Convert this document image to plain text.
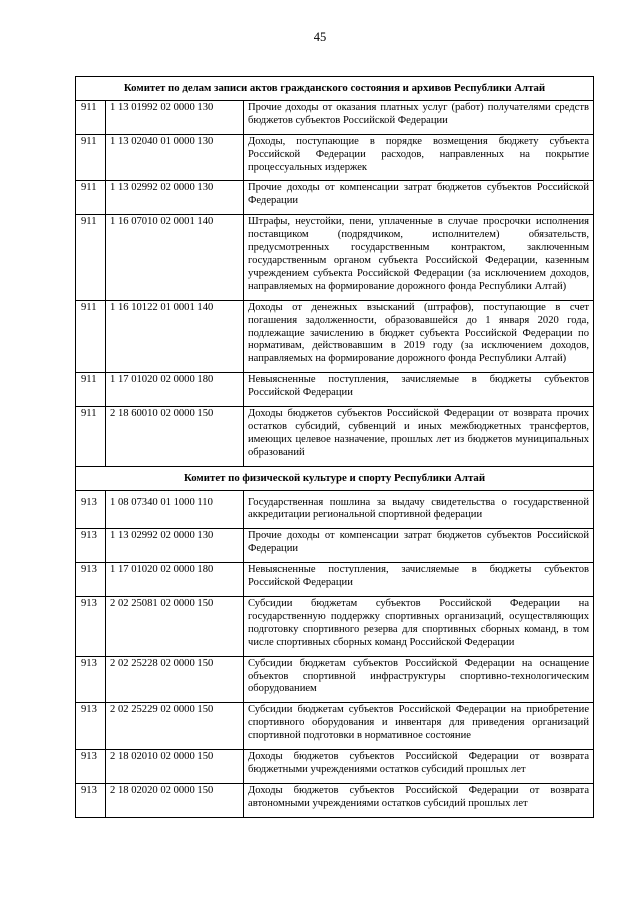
45
Комитет по делам записи актов гражданского состояния и архивов Республики Алтай		
911	1 13 01992 02 0000 130	Прочие доходы от оказания платных услуг (работ) получателями средств бюджетов субъектов Российской Федерации
911	1 13 02040 01 0000 130	Доходы, поступающие в порядке возмещения бюджету субъекта Российской Федерации расходов, направленных на покрытие процессуальных издержек
911	1 13 02992 02 0000 130	Прочие доходы от компенсации затрат бюджетов субъектов Российской Федерации
911	1 16 07010 02 0001 140	Штрафы, неустойки, пени, уплаченные в случае просрочки исполнения поставщиком (подрядчиком, исполнителем) обязательств, предусмотренных государственным контрактом, заключенным государственным органом субъекта Российской Федерации, казенным учреждением субъекта Российской Федерации (за исключением доходов, направляемых на формирование дорожного фонда Республики Алтай)
911	1 16 10122 01 0001 140	Доходы от денежных взысканий (штрафов), поступающие в счет погашения задолженности, образовавшейся до 1 января 2020 года, подлежащие зачислению в бюджет субъекта Российской Федерации по нормативам, действовавшим в 2019 году (за исключением доходов, направляемых на формирование дорожного фонда Республики Алтай)
911	1 17 01020 02 0000 180	Невыясненные поступления, зачисляемые в бюджеты субъектов Российской Федерации
911	2 18 60010 02 0000 150	Доходы бюджетов субъектов Российской Федерации от возврата прочих остатков субсидий, субвенций и иных межбюджетных трансфертов, имеющих целевое назначение, прошлых лет из бюджетов муниципальных образований
Комитет по физической культуре и спорту Республики Алтай		
913	1 08 07340 01 1000 110	Государственная пошлина за выдачу свидетельства о государственной аккредитации региональной спортивной федерации
913	1 13 02992 02 0000 130	Прочие доходы от компенсации затрат бюджетов субъектов Российской Федерации
913	1 17 01020 02 0000 180	Невыясненные поступления, зачисляемые в бюджеты субъектов Российской Федерации
913	2 02 25081 02 0000 150	Субсидии бюджетам субъектов Российской Федерации на государственную поддержку спортивных организаций, осуществляющих подготовку спортивного резерва для спортивных сборных команд, в том числе спортивных сборных команд Российской Федерации
913	2 02 25228 02 0000 150	Субсидии бюджетам субъектов Российской Федерации на оснащение объектов спортивной инфраструктуры спортивно-технологическим оборудованием
913	2 02 25229 02 0000 150	Субсидии бюджетам субъектов Российской Федерации на приобретение спортивного оборудования и инвентаря для приведения организаций спортивной подготовки в нормативное состояние
913	2 18 02010 02 0000 150	Доходы бюджетов субъектов Российской Федерации от возврата бюджетными учреждениями остатков субсидий прошлых лет
913	2 18 02020 02 0000 150	Доходы бюджетов субъектов Российской Федерации от возврата автономными учреждениями остатков субсидий прошлых лет
